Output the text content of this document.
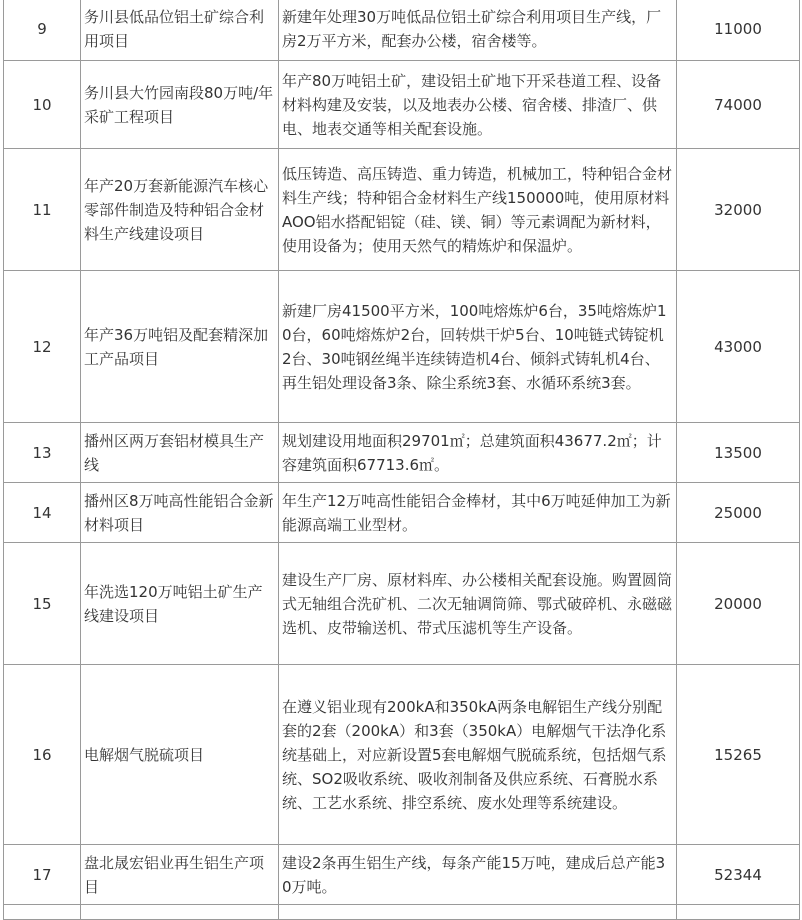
9	务川县低品位铝土矿综合利用项目	新建年处理30万吨低品位铝土矿综合利用项目生产线，厂房2万平方米，配套办公楼，宿舍楼等。	11000
10	务川县大竹园南段80万吨/年采矿工程项目	年产80万吨铝土矿，建设铝土矿地下开采巷道工程、设备材料构建及安装，以及地表办公楼、宿舍楼、排渣厂、供电、地表交通等相关配套设施。	74000
11	年产20万套新能源汽车核心零部件制造及特种铝合金材料生产线建设项目	低压铸造、高压铸造、重力铸造，机械加工，特种铝合金材料生产线；特种铝合金材料生产线150000吨，使用原材料AOO铝水搭配铝锭（硅、镁、铜）等元素调配为新材料，使用设备为；使用天然气的精炼炉和保温炉。	32000
12	年产36万吨铝及配套精深加工产品项目	新建厂房41500平方米，100吨熔炼炉6台，35吨熔炼炉10台，60吨熔炼炉2台，回转烘干炉5台、10吨链式铸锭机2台、30吨钢丝绳半连续铸造机4台、倾斜式铸轧机4台、再生铝处理设备3条、除尘系统3套、水循环系统3套。	43000
13	播州区两万套铝材模具生产线	规划建设用地面积29701㎡；总建筑面积43677.2㎡；计容建筑面积67713.6㎡。	13500
14	播州区8万吨高性能铝合金新材料项目	年生产12万吨高性能铝合金棒材，其中6万吨延伸加工为新能源高端工业型材。	25000
15	年洗选120万吨铝土矿生产线建设项目	建设生产厂房、原材料库、办公楼相关配套设施。购置圆筒式无轴组合洗矿机、二次无轴调筒筛、鄂式破碎机、永磁磁选机、皮带输送机、带式压滤机等生产设备。	20000
16	电解烟气脱硫项目	在遵义铝业现有200kA和350kA两条电解铝生产线分别配套的2套（200kA）和3套（350kA）电解烟气干法净化系统基础上，对应新设置5套电解烟气脱硫系统，包括烟气系统、SO2吸收系统、吸收剂制备及供应系统、石膏脱水系统、工艺水系统、排空系统、废水处理等系统建设。	15265
17	盘北晟宏铝业再生铝生产项目	建设2条再生铝生产线，每条产能15万吨，建成后总产能30万吨。	52344
